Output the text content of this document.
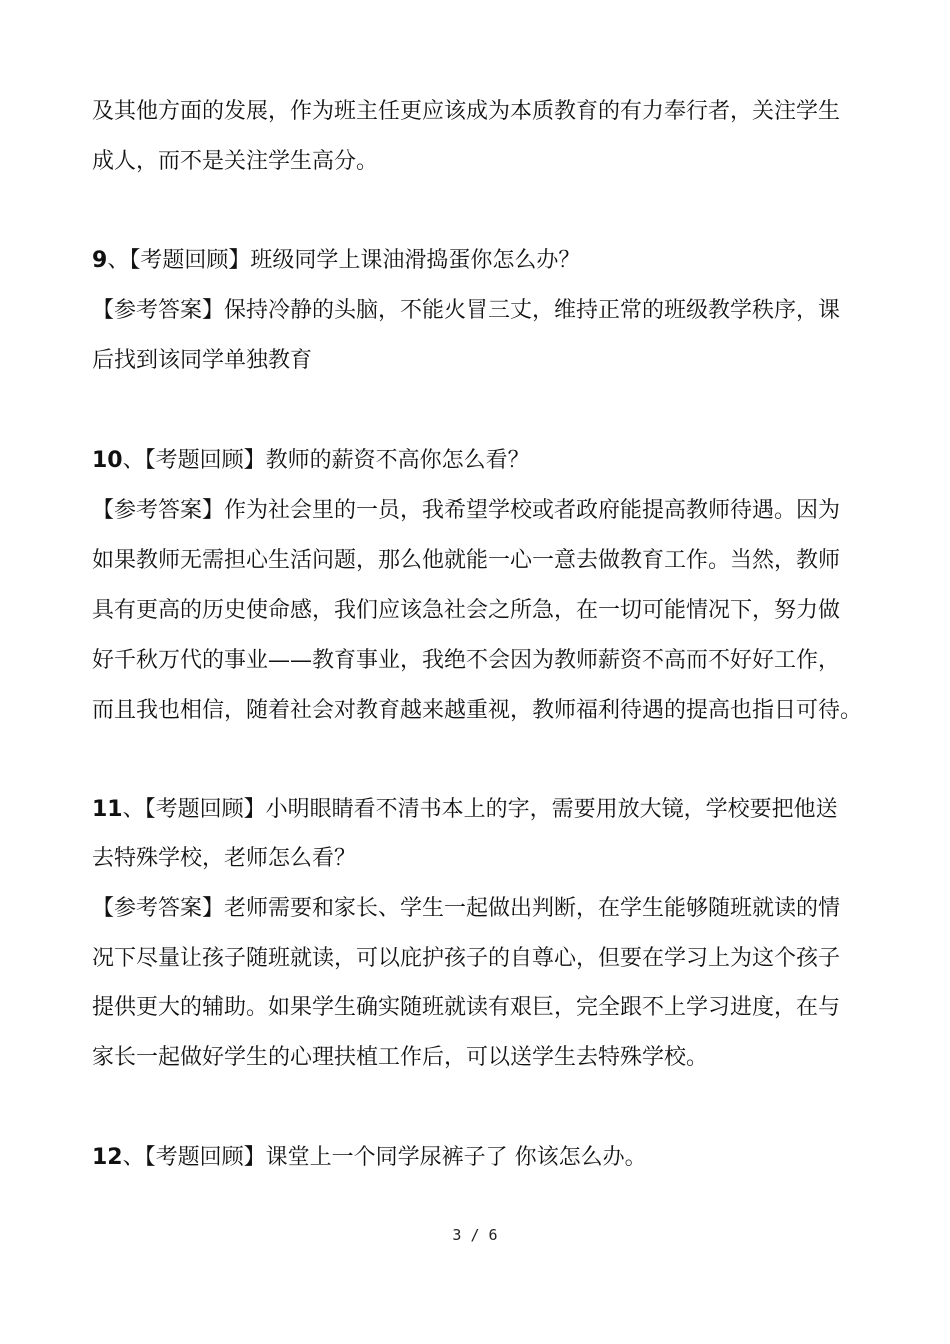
及其他方面的发展，作为班主任更应该成为本质教育的有力奉行者，关注学生
成人，而不是关注学生高分。
9、【考题回顾】班级同学上课油滑捣蛋你怎么办？
【参考答案】保持冷静的头脑，不能火冒三丈，维持正常的班级教学秩序，课
后找到该同学单独教育
10、【考题回顾】教师的薪资不高你怎么看？
【参考答案】作为社会里的一员，我希望学校或者政府能提高教师待遇。因为
如果教师无需担心生活问题，那么他就能一心一意去做教育工作。当然，教师
具有更高的历史使命感，我们应该急社会之所急，在一切可能情况下，努力做
好千秋万代的事业——教育事业，我绝不会因为教师薪资不高而不好好工作，
而且我也相信，随着社会对教育越来越重视，教师福利待遇的提高也指日可待。
11、【考题回顾】小明眼睛看不清书本上的字，需要用放大镜，学校要把他送
去特殊学校，老师怎么看？
【参考答案】老师需要和家长、学生一起做出判断，在学生能够随班就读的情
况下尽量让孩子随班就读，可以庇护孩子的自尊心，但要在学习上为这个孩子
提供更大的辅助。如果学生确实随班就读有艰巨，完全跟不上学习进度，在与
家长一起做好学生的心理扶植工作后，可以送学生去特殊学校。
12、【考题回顾】课堂上一个同学尿裤子了 你该怎么办。
3 / 6
